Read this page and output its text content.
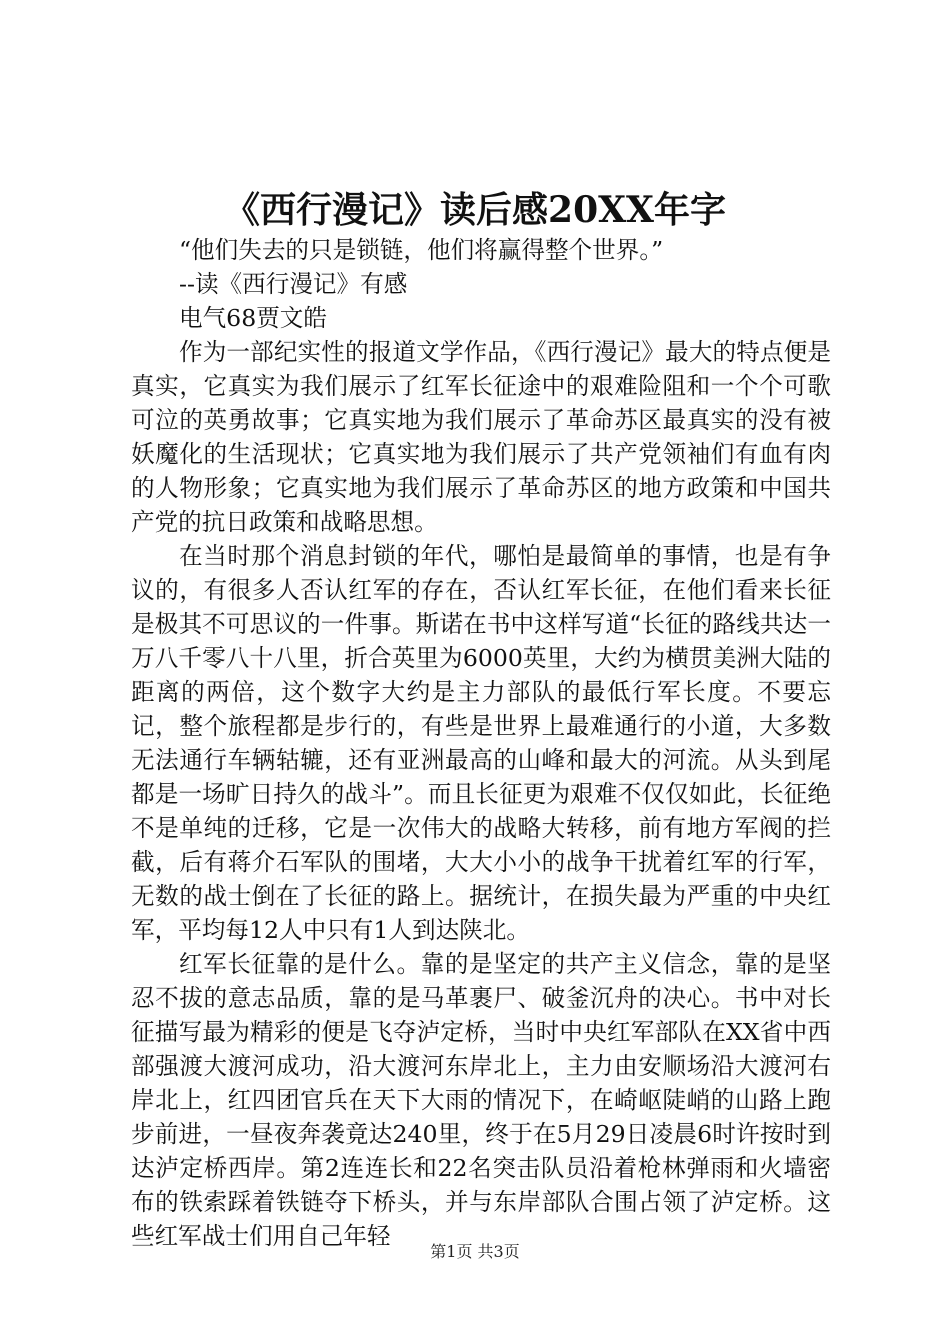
《西行漫记》读后感20XX年字

“他们失去的只是锁链，他们将赢得整个世界。”

--读《西行漫记》有感

电气68贾文皓

作为一部纪实性的报道文学作品，《西行漫记》最大的特点便是真实，它真实为我们展示了红军长征途中的艰难险阻和一个个可歌可泣的英勇故事；它真实地为我们展示了革命苏区最真实的没有被妖魔化的生活现状；它真实地为我们展示了共产党领袖们有血有肉的人物形象；它真实地为我们展示了革命苏区的地方政策和中国共产党的抗日政策和战略思想。

在当时那个消息封锁的年代，哪怕是最简单的事情，也是有争议的，有很多人否认红军的存在，否认红军长征，在他们看来长征是极其不可思议的一件事。斯诺在书中这样写道“长征的路线共达一万八千零八十八里，折合英里为6000英里，大约为横贯美洲大陆的距离的两倍，这个数字大约是主力部队的最低行军长度。不要忘记，整个旅程都是步行的，有些是世界上最难通行的小道，大多数无法通行车辆轱辘，还有亚洲最高的山峰和最大的河流。从头到尾都是一场旷日持久的战斗”。而且长征更为艰难不仅仅如此，长征绝不是单纯的迁移，它是一次伟大的战略大转移，前有地方军阀的拦截，后有蒋介石军队的围堵，大大小小的战争干扰着红军的行军，无数的战士倒在了长征的路上。据统计，在损失最为严重的中央红军，平均每12人中只有1人到达陕北。

红军长征靠的是什么。靠的是坚定的共产主义信念，靠的是坚忍不拔的意志品质，靠的是马革裹尸、破釜沉舟的决心。书中对长征描写最为精彩的便是飞夺泸定桥，当时中央红军部队在XX省中西部强渡大渡河成功，沿大渡河东岸北上，主力由安顺场沿大渡河右岸北上，红四团官兵在天下大雨的情况下，在崎岖陡峭的山路上跑步前进，一昼夜奔袭竟达240里，终于在5月29日凌晨6时许按时到达泸定桥西岸。第2连连长和22名突击队员沿着枪林弹雨和火墙密布的铁索踩着铁链夺下桥头，并与东岸部队合围占领了泸定桥。这些红军战士们用自己年轻

第1页 共3页
